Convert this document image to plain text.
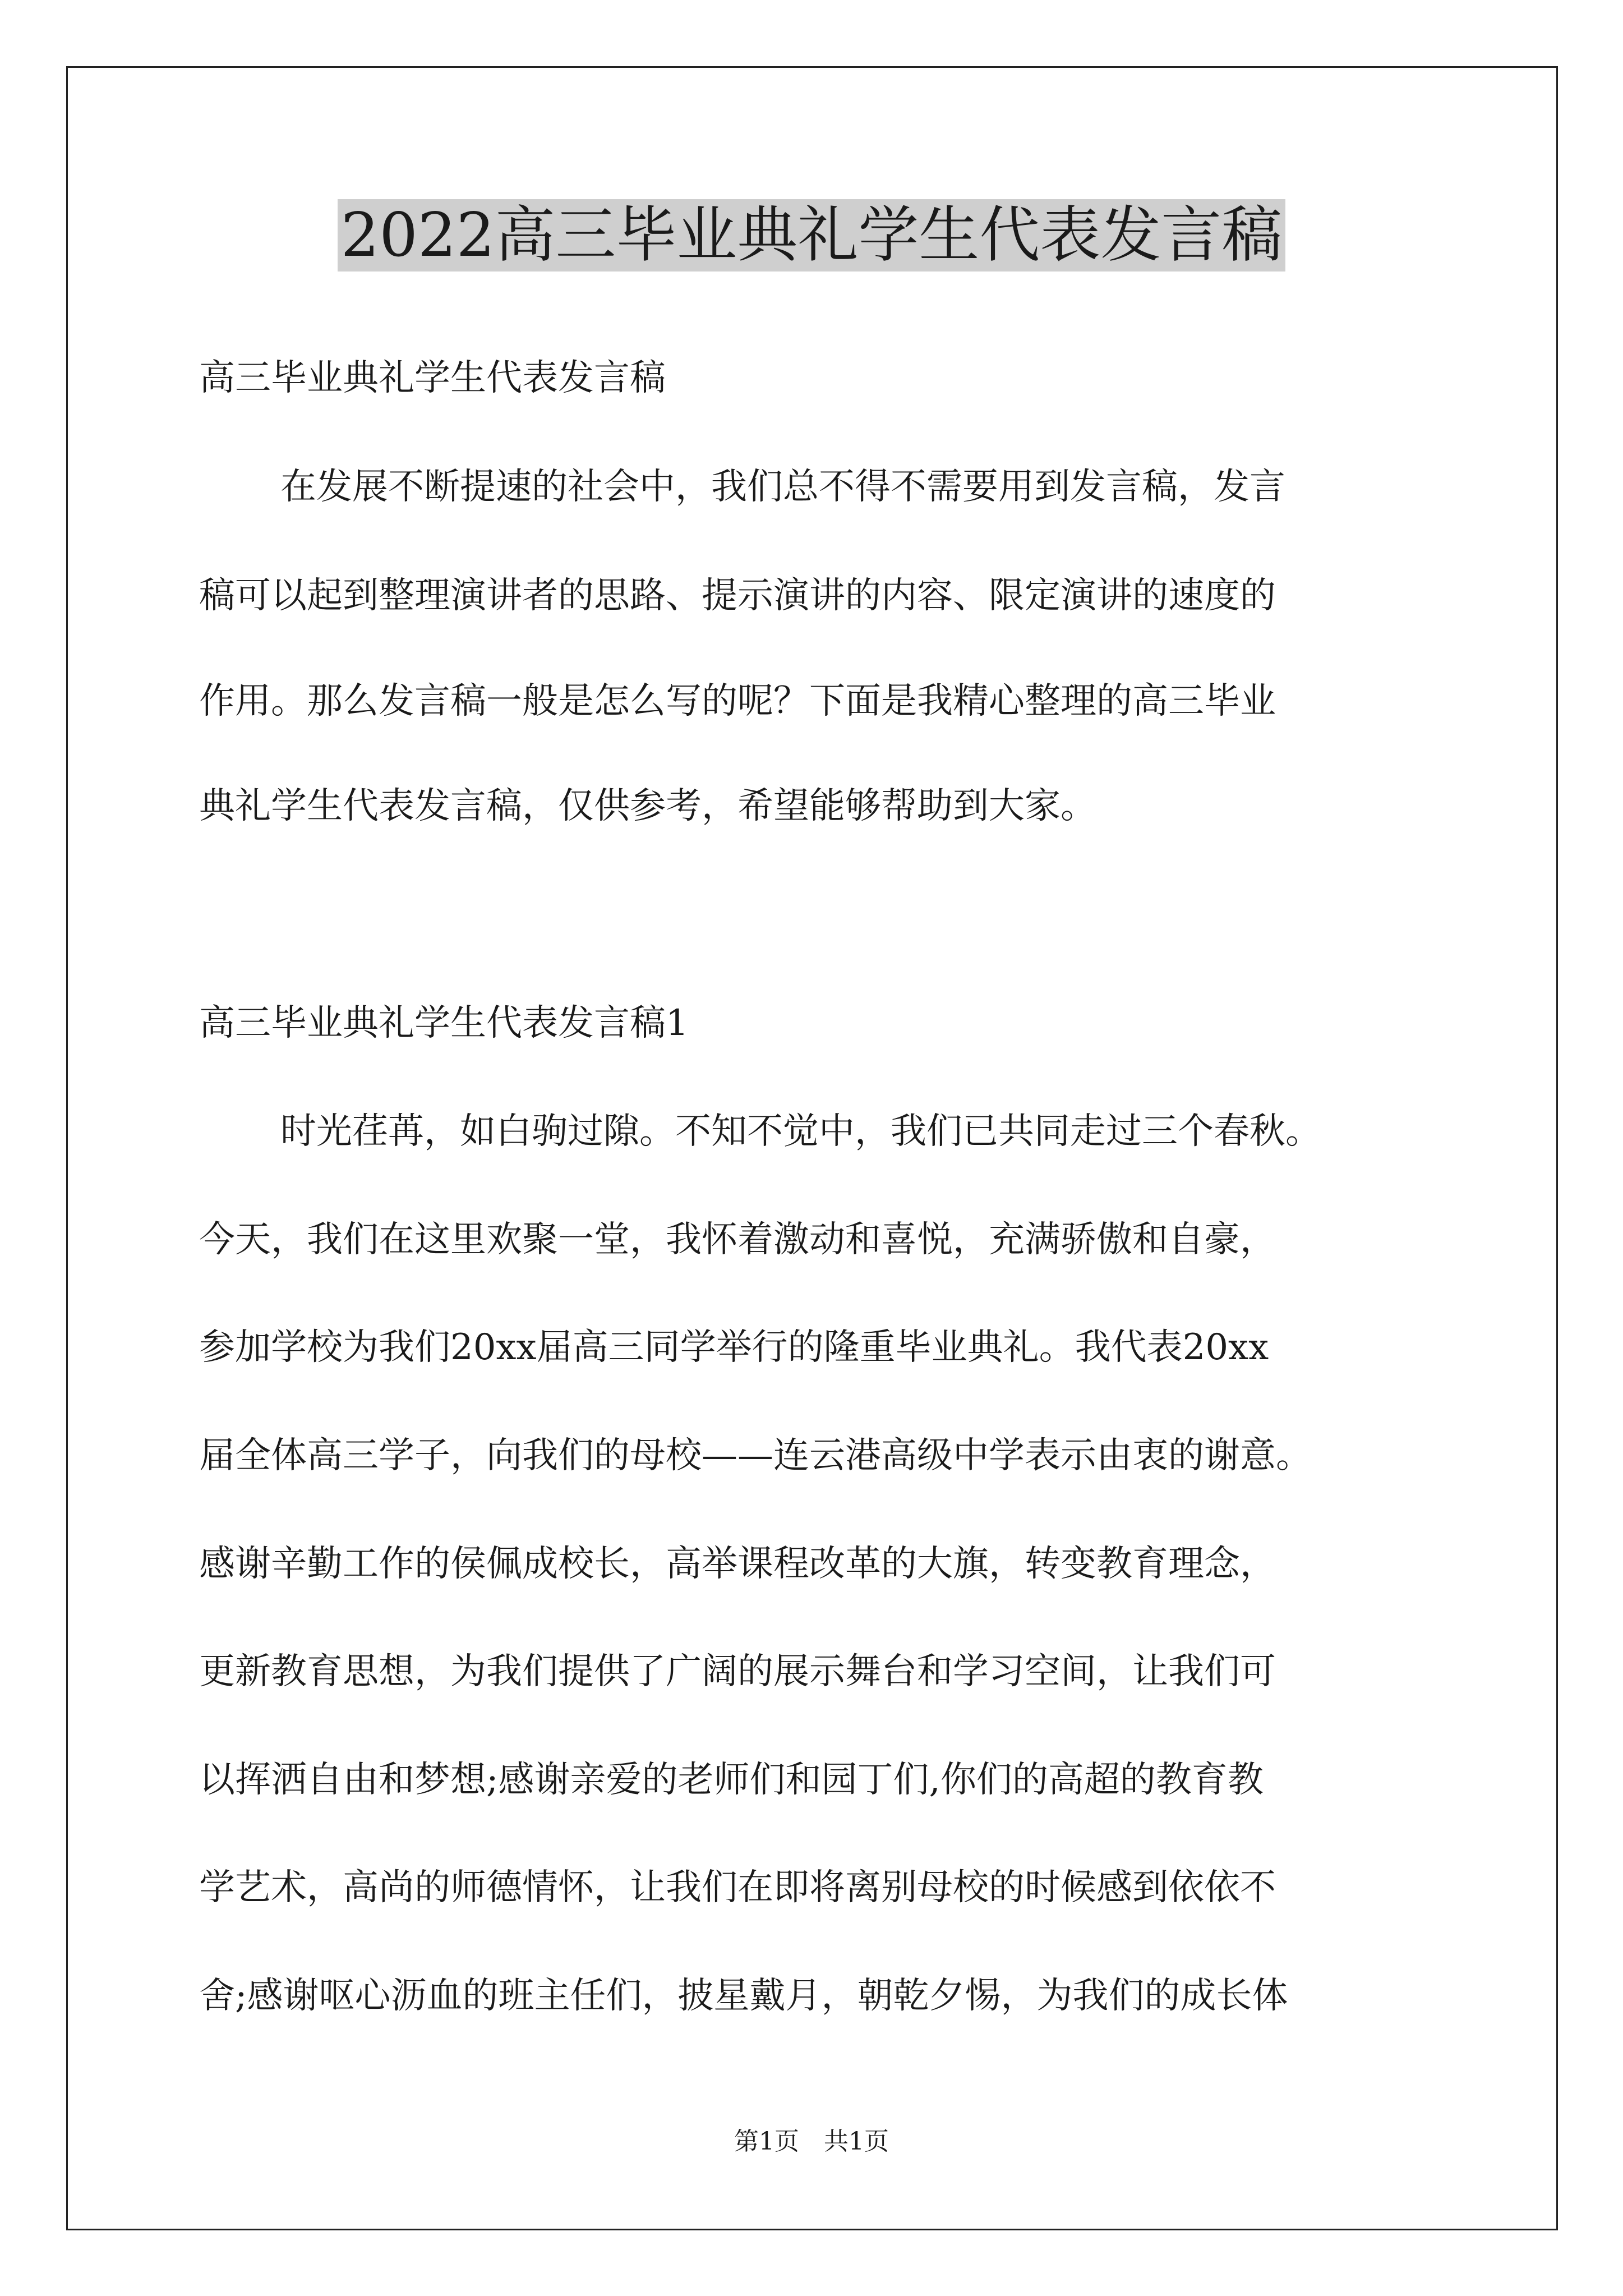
2022高三毕业典礼学生代表发言稿
高三毕业典礼学生代表发言稿
在发展不断提速的社会中，我们总不得不需要用到发言稿，发言
稿可以起到整理演讲者的思路、提示演讲的内容、限定演讲的速度的
作用。那么发言稿一般是怎么写的呢？下面是我精心整理的高三毕业
典礼学生代表发言稿，仅供参考，希望能够帮助到大家。
高三毕业典礼学生代表发言稿1
时光荏苒，如白驹过隙。不知不觉中，我们已共同走过三个春秋。
今天，我们在这里欢聚一堂，我怀着激动和喜悦，充满骄傲和自豪，
参加学校为我们20xx届高三同学举行的隆重毕业典礼。我代表20xx
届全体高三学子，向我们的母校——连云港高级中学表示由衷的谢意。
感谢辛勤工作的侯佩成校长，高举课程改革的大旗，转变教育理念，
更新教育思想，为我们提供了广阔的展示舞台和学习空间，让我们可
以挥洒自由和梦想;感谢亲爱的老师们和园丁们,你们的高超的教育教
学艺术，高尚的师德情怀，让我们在即将离别母校的时候感到依依不
舍;感谢呕心沥血的班主任们，披星戴月，朝乾夕惕，为我们的成长体
第1页　共1页
